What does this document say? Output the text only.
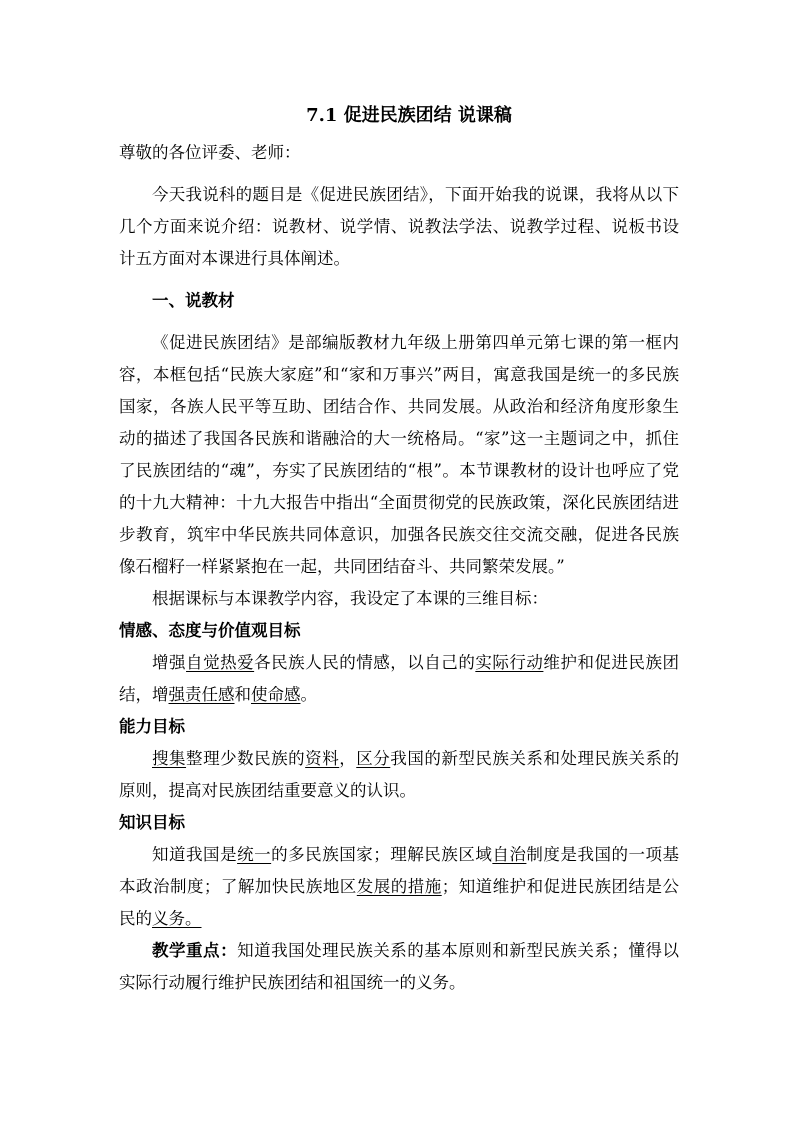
7.1 促进民族团结 说课稿

尊敬的各位评委、老师：

今天我说科的题目是《促进民族团结》，下面开始我的说课，我将从以下几个方面来说介绍：说教材、说学情、说教法学法、说教学过程、说板书设计五方面对本课进行具体阐述。

一、说教材

《促进民族团结》是部编版教材九年级上册第四单元第七课的第一框内容，本框包括“民族大家庭”和“家和万事兴”两目，寓意我国是统一的多民族国家，各族人民平等互助、团结合作、共同发展。从政治和经济角度形象生动的描述了我国各民族和谐融洽的大一统格局。“家”这一主题词之中，抓住了民族团结的“魂”，夯实了民族团结的“根”。本节课教材的设计也呼应了党的十九大精神：十九大报告中指出“全面贯彻党的民族政策，深化民族团结进步教育，筑牢中华民族共同体意识，加强各民族交往交流交融，促进各民族像石榴籽一样紧紧抱在一起，共同团结奋斗、共同繁荣发展。”

根据课标与本课教学内容，我设定了本课的三维目标：

情感、态度与价值观目标

增强自觉热爱各民族人民的情感，以自己的实际行动维护和促进民族团结，增强责任感和使命感。

能力目标

搜集整理少数民族的资料，区分我国的新型民族关系和处理民族关系的原则，提高对民族团结重要意义的认识。

知识目标

知道我国是统一的多民族国家；理解民族区域自治制度是我国的一项基本政治制度；了解加快民族地区发展的措施；知道维护和促进民族团结是公民的义务。

教学重点：知道我国处理民族关系的基本原则和新型民族关系；懂得以实际行动履行维护民族团结和祖国统一的义务。
